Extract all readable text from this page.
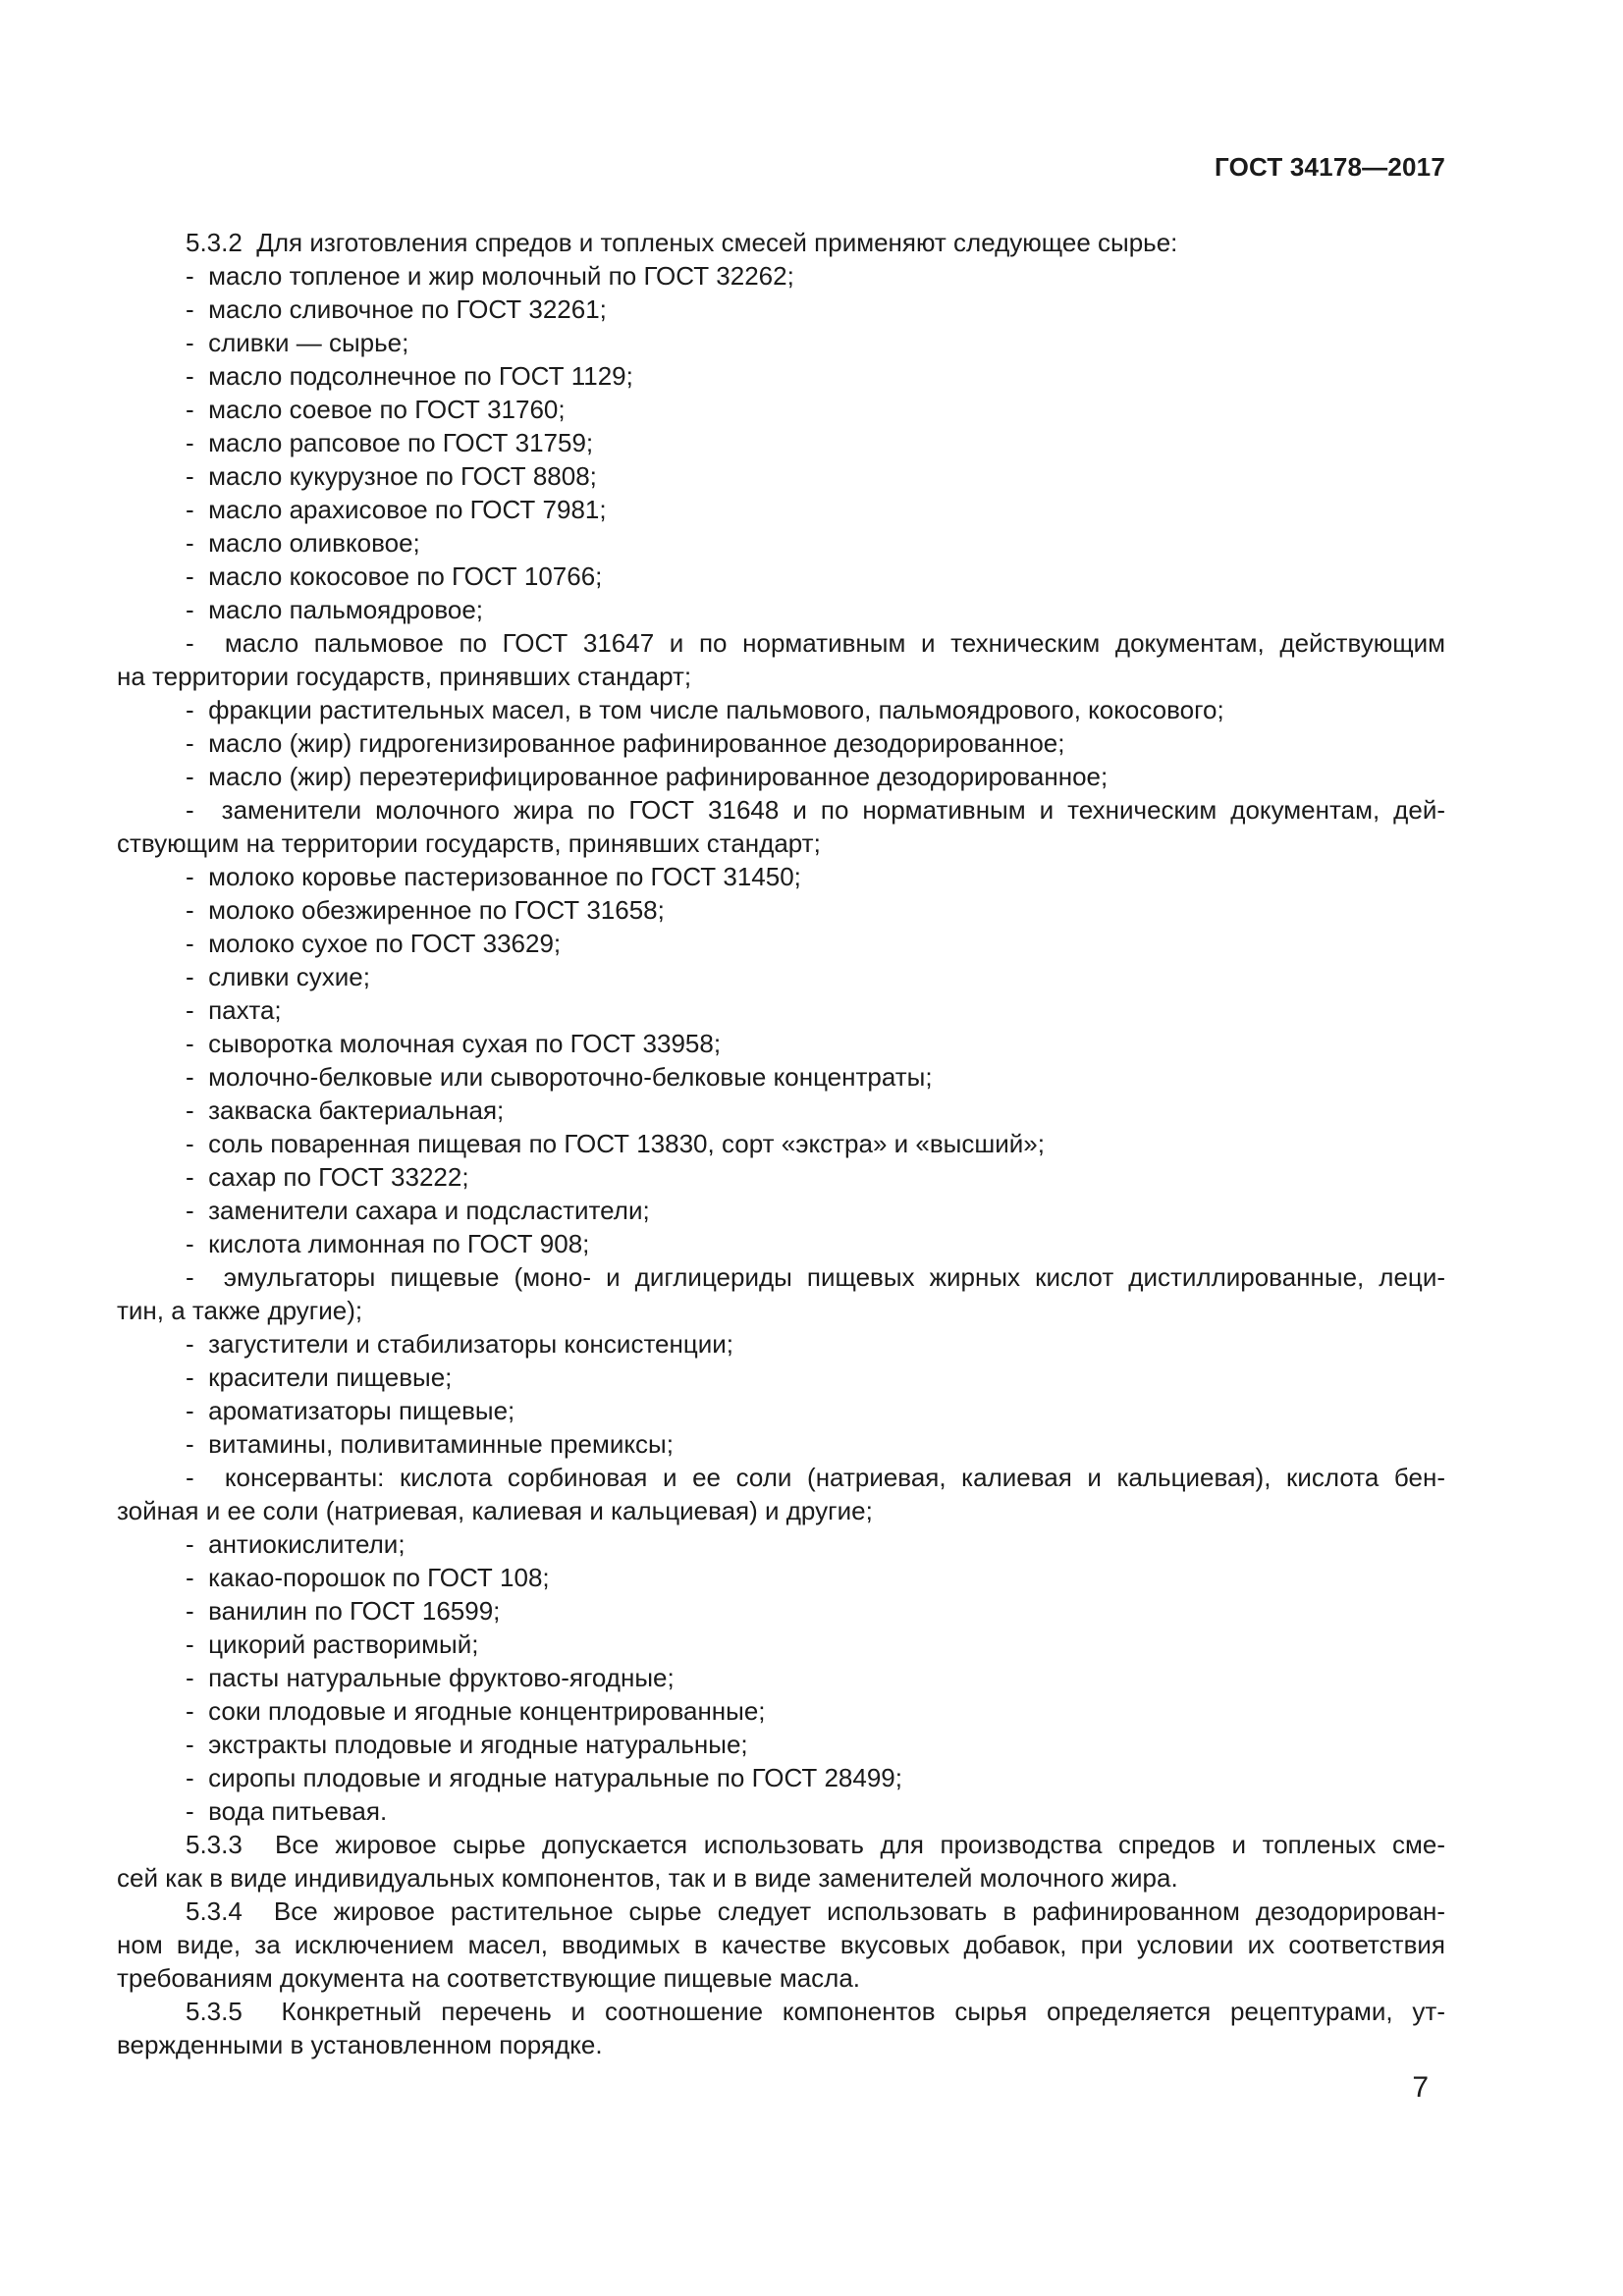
ГОСТ 34178—2017
5.3.2  Для изготовления спредов и топленых смесей применяют следующее сырье:
-  масло топленое и жир молочный по ГОСТ 32262;
-  масло сливочное по ГОСТ 32261;
-  сливки — сырье;
-  масло подсолнечное по ГОСТ 1129;
-  масло соевое по ГОСТ 31760;
-  масло рапсовое по ГОСТ 31759;
-  масло кукурузное по ГОСТ 8808;
-  масло арахисовое по ГОСТ 7981;
-  масло оливковое;
-  масло кокосовое по ГОСТ 10766;
-  масло пальмоядровое;
-  масло пальмовое по ГОСТ 31647 и по нормативным и техническим документам, действующим
на территории государств, принявших стандарт;
-  фракции растительных масел, в том числе пальмового, пальмоядрового, кокосового;
-  масло (жир) гидрогенизированное рафинированное дезодорированное;
-  масло (жир) переэтерифицированное рафинированное дезодорированное;
-  заменители молочного жира по ГОСТ 31648 и по нормативным и техническим документам, дей-
ствующим на территории государств, принявших стандарт;
-  молоко коровье пастеризованное по ГОСТ 31450;
-  молоко обезжиренное по ГОСТ 31658;
-  молоко сухое по ГОСТ 33629;
-  сливки сухие;
-  пахта;
-  сыворотка молочная сухая по ГОСТ 33958;
-  молочно-белковые или сывороточно-белковые концентраты;
-  закваска бактериальная;
-  соль поваренная пищевая по ГОСТ 13830, сорт «экстра» и «высший»;
-  сахар по ГОСТ 33222;
-  заменители сахара и подсластители;
-  кислота лимонная по ГОСТ 908;
-  эмульгаторы пищевые (моно- и диглицериды пищевых жирных кислот дистиллированные, леци-
тин, а также другие);
-  загустители и стабилизаторы консистенции;
-  красители пищевые;
-  ароматизаторы пищевые;
-  витамины, поливитаминные премиксы;
-  консерванты: кислота сорбиновая и ее соли (натриевая, калиевая и кальциевая), кислота бен-
зойная и ее соли (натриевая, калиевая и кальциевая) и другие;
-  антиокислители;
-  какао-порошок по ГОСТ 108;
-  ванилин по ГОСТ 16599;
-  цикорий растворимый;
-  пасты натуральные фруктово-ягодные;
-  соки плодовые и ягодные концентрированные;
-  экстракты плодовые и ягодные натуральные;
-  сиропы плодовые и ягодные натуральные по ГОСТ 28499;
-  вода питьевая.
5.3.3  Все жировое сырье допускается использовать для производства спредов и топленых сме-
сей как в виде индивидуальных компонентов, так и в виде заменителей молочного жира.
5.3.4  Все жировое растительное сырье следует использовать в рафинированном дезодорирован-
ном виде, за исключением масел, вводимых в качестве вкусовых добавок, при условии их соответствия
требованиям документа на соответствующие пищевые масла.
5.3.5  Конкретный перечень и соотношение компонентов сырья определяется рецептурами, ут-
вержденными в установленном порядке.
7
